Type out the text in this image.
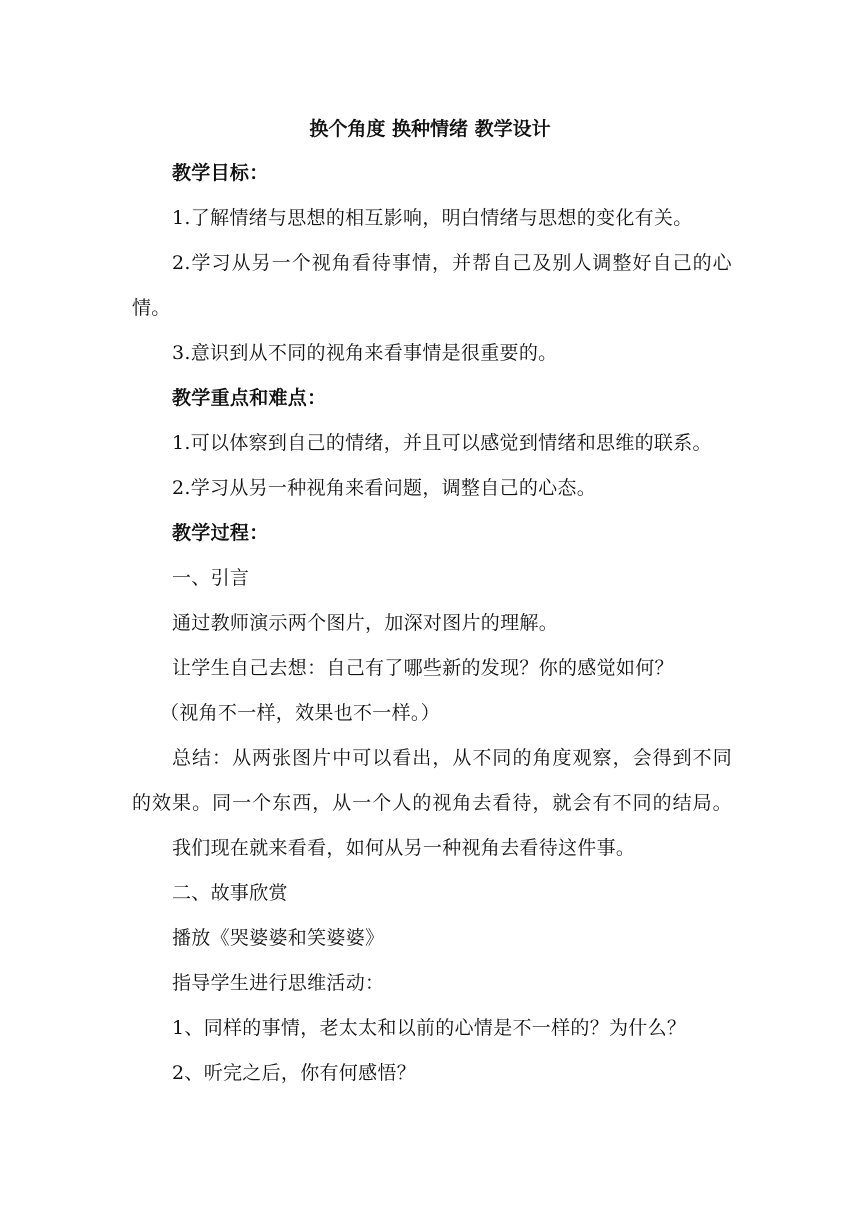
换个角度 换种情绪 教学设计
教学目标：
1.了解情绪与思想的相互影响，明白情绪与思想的变化有关。
2.学习从另一个视角看待事情，并帮自己及别人调整好自己的心
情。
3.意识到从不同的视角来看事情是很重要的。
教学重点和难点：
1.可以体察到自己的情绪，并且可以感觉到情绪和思维的联系。
2.学习从另一种视角来看问题，调整自己的心态。
教学过程：
一、引言
通过教师演示两个图片，加深对图片的理解。
让学生自己去想：自己有了哪些新的发现？你的感觉如何？
（视角不一样，效果也不一样。）
总结：从两张图片中可以看出，从不同的角度观察，会得到不同
的效果。同一个东西，从一个人的视角去看待，就会有不同的结局。
我们现在就来看看，如何从另一种视角去看待这件事。
二、故事欣赏
播放《哭婆婆和笑婆婆》
指导学生进行思维活动：
1、同样的事情，老太太和以前的心情是不一样的？为什么？
2、听完之后，你有何感悟？
